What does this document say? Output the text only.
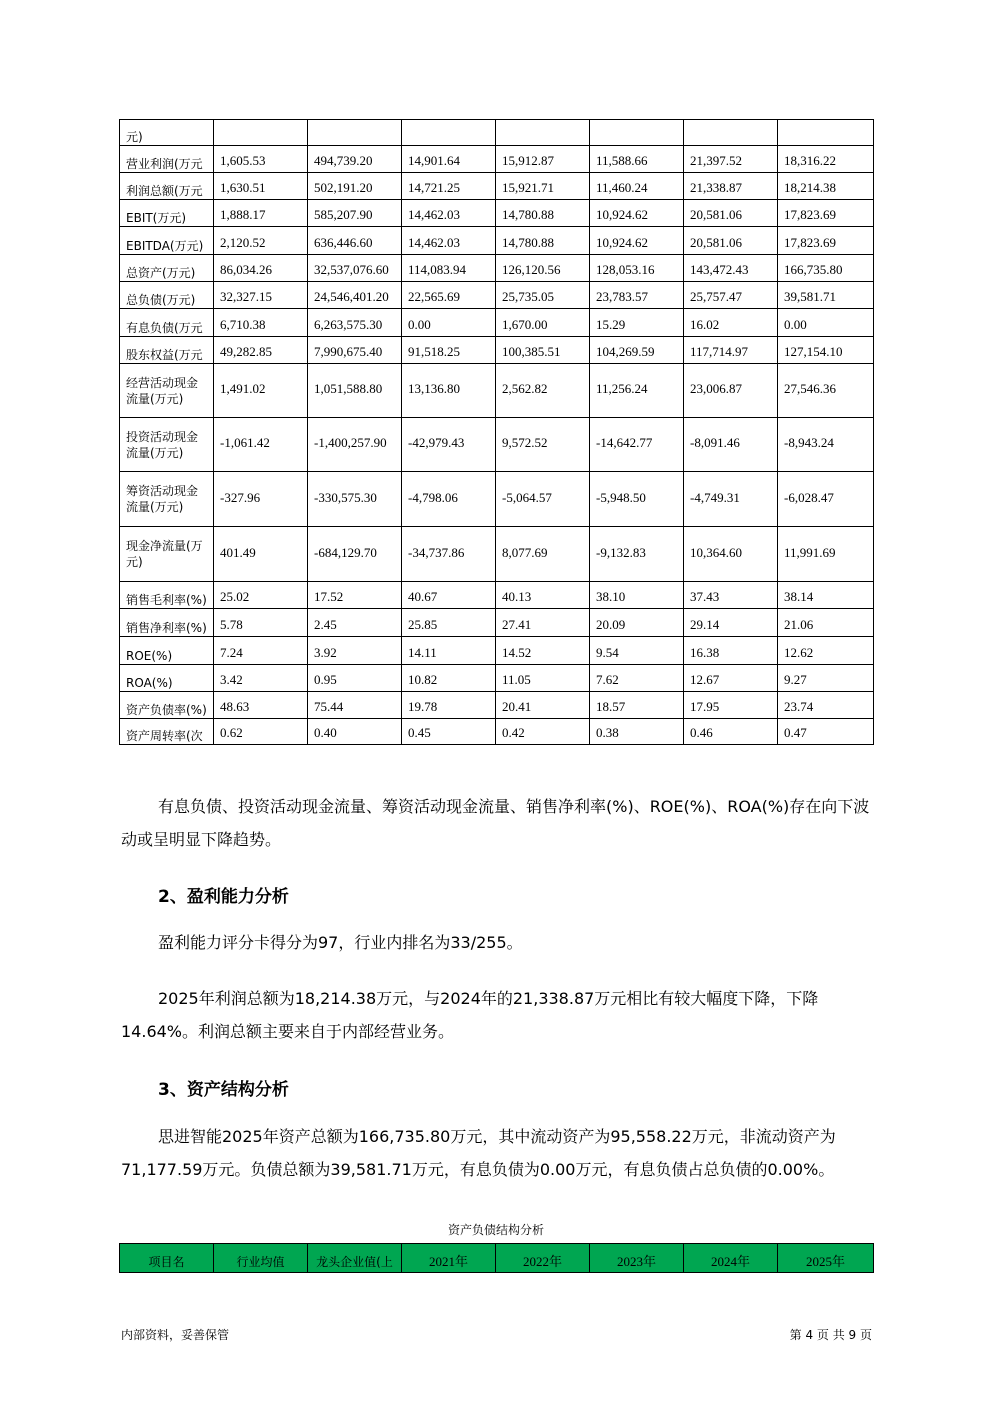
元)							
营业利润(万元	1,605.53	494,739.20	14,901.64	15,912.87	11,588.66	21,397.52	18,316.22
利润总额(万元	1,630.51	502,191.20	14,721.25	15,921.71	11,460.24	21,338.87	18,214.38
EBIT(万元)	1,888.17	585,207.90	14,462.03	14,780.88	10,924.62	20,581.06	17,823.69
EBITDA(万元)	2,120.52	636,446.60	14,462.03	14,780.88	10,924.62	20,581.06	17,823.69
总资产(万元)	86,034.26	32,537,076.60	114,083.94	126,120.56	128,053.16	143,472.43	166,735.80
总负债(万元)	32,327.15	24,546,401.20	22,565.69	25,735.05	23,783.57	25,757.47	39,581.71
有息负债(万元	6,710.38	6,263,575.30	0.00	1,670.00	15.29	16.02	0.00
股东权益(万元	49,282.85	7,990,675.40	91,518.25	100,385.51	104,269.59	117,714.97	127,154.10
经营活动现金流量(万元)	1,491.02	1,051,588.80	13,136.80	2,562.82	11,256.24	23,006.87	27,546.36
投资活动现金流量(万元)	-1,061.42	-1,400,257.90	-42,979.43	9,572.52	-14,642.77	-8,091.46	-8,943.24
筹资活动现金流量(万元)	-327.96	-330,575.30	-4,798.06	-5,064.57	-5,948.50	-4,749.31	-6,028.47
现金净流量(万元)	401.49	-684,129.70	-34,737.86	8,077.69	-9,132.83	10,364.60	11,991.69
销售毛利率(%)	25.02	17.52	40.67	40.13	38.10	37.43	38.14
销售净利率(%)	5.78	2.45	25.85	27.41	20.09	29.14	21.06
ROE(%)	7.24	3.92	14.11	14.52	9.54	16.38	12.62
ROA(%)	3.42	0.95	10.82	11.05	7.62	12.67	9.27
资产负债率(%)	48.63	75.44	19.78	20.41	18.57	17.95	23.74
资产周转率(次	0.62	0.40	0.45	0.42	0.38	0.46	0.47
有息负债、投资活动现金流量、筹资活动现金流量、销售净利率(%)、ROE(%)、ROA(%)存在向下波动或呈明显下降趋势。
2、盈利能力分析
盈利能力评分卡得分为97，行业内排名为33/255。
2025年利润总额为18,214.38万元，与2024年的21,338.87万元相比有较大幅度下降，下降14.64%。利润总额主要来自于内部经营业务。
3、资产结构分析
思进智能2025年资产总额为166,735.80万元，其中流动资产为95,558.22万元，非流动资产为71,177.59万元。负债总额为39,581.71万元，有息负债为0.00万元，有息负债占总负债的0.00%。
资产负债结构分析
项目名	行业均值	龙头企业值(上	2021年	2022年	2023年	2024年	2025年
内部资料，妥善保管	第 4 页 共 9 页
